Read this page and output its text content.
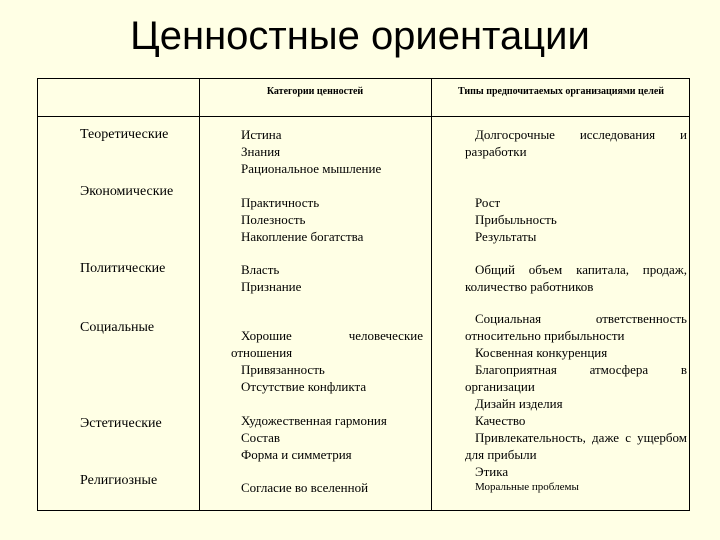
Ценностные ориентации
Категории ценностей	Типы предпочитаемых организациями целей
Теоретические
Экономические
Политические
Социальные
Эстетические
Религиозные
Истина
Знания
Рациональное мышление
Практичность
Полезность
Накопление богатства
Власть
Признание
Хорошие человеческие отношения
Привязанность
Отсутствие конфликта
Художественная гармония
Состав
Форма и симметрия
Согласие во вселенной
Долгосрочные исследования и разработки
Рост
Прибыльность
Результаты
Общий объем капитала, продаж, количество работников
Социальная ответственность относительно прибыльности
Косвенная конкуренция
Благоприятная атмосфера в организации
Дизайн изделия
Качество
Привлекательность, даже с ущербом для прибыли
Этика
Моральные проблемы
